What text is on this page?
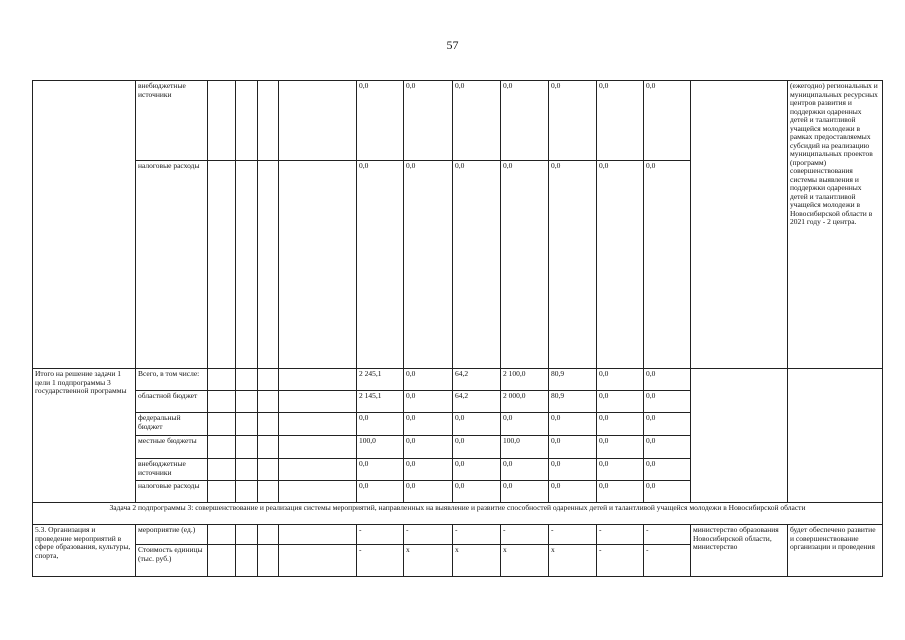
57
	внебюджетные источники					0,0	0,0	0,0	0,0	0,0	0,0	0,0		(ежегодно) региональных и муниципальных ресурсных центров развития и поддержки одаренных детей и талантливой учащейся молодежи в рамках предоставляемых субсидий на реализацию муниципальных проектов (программ) совершенствования системы выявления и поддержки одаренных детей и талантливой учащейся молодежи в Новосибирской области в 2021 году - 2 центра.
	налоговые расходы					0,0	0,0	0,0	0,0	0,0	0,0	0,0		
Итого на решение задачи 1 цели 1 подпрограммы 3 государственной программы	Всего, в том числе:					2 245,1	0,0	64,2	2 100,0	80,9	0,0	0,0		
	областной бюджет					2 145,1	0,0	64,2	2 000,0	80,9	0,0	0,0		
	федеральный бюджет					0,0	0,0	0,0	0,0	0,0	0,0	0,0		
	местные бюджеты					100,0	0,0	0,0	100,0	0,0	0,0	0,0		
	внебюджетные источники					0,0	0,0	0,0	0,0	0,0	0,0	0,0		
	налоговые расходы					0,0	0,0	0,0	0,0	0,0	0,0	0,0		
Задача 2 подпрограммы 3: совершенствование и реализация системы мероприятий, направленных на выявление и развитие способностей одаренных детей и талантливой учащейся молодежи в Новосибирской области														
5.3. Организация и проведение мероприятий в сфере образования, культуры, спорта,	мероприятие (ед.)					-	-	-	-	-	-	-	министерство образования Новосибирской области, министерство	будет обеспечено развитие и совершенствование организации и проведения
	Стоимость единицы (тыс. руб.)					-	х	х	х	х	-	-		
